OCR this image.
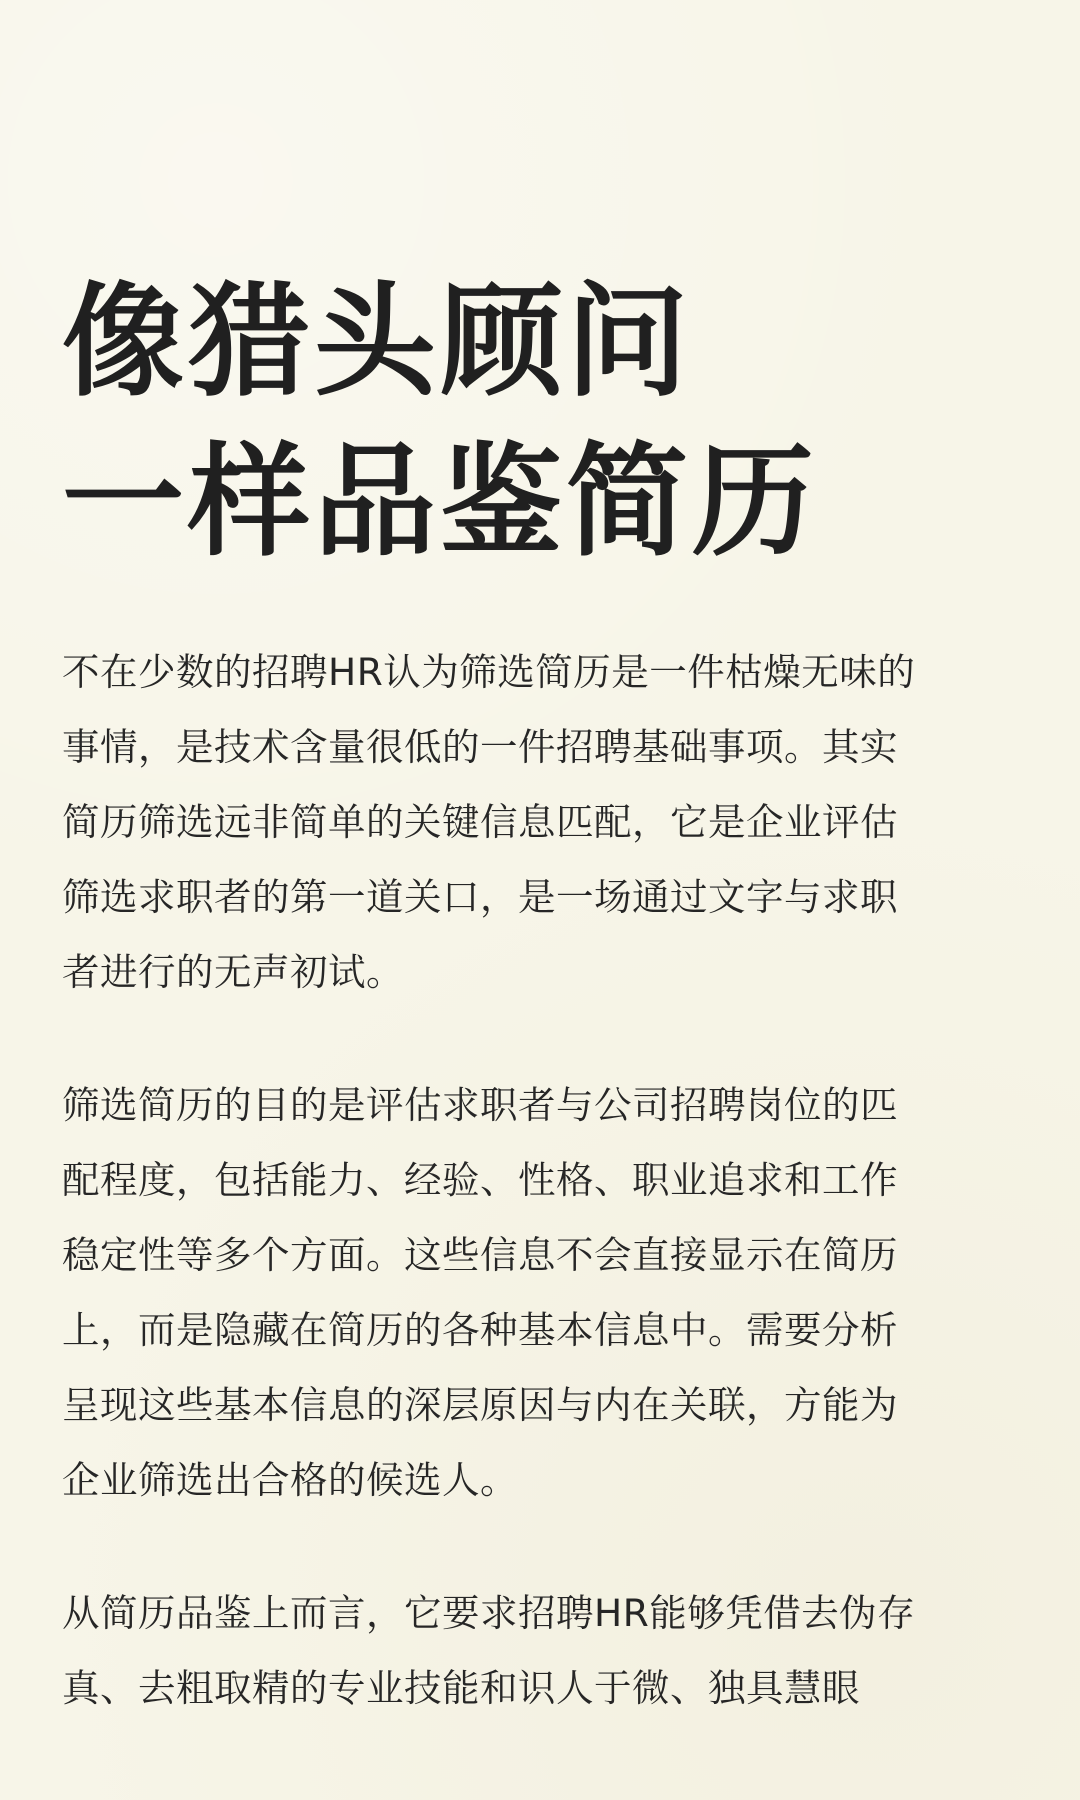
像猎头顾问
一样品鉴简历

不在少数的招聘HR认为筛选简历是一件枯燥无味的
事情，是技术含量很低的一件招聘基础事项。其实
简历筛选远非简单的关键信息匹配，它是企业评估
筛选求职者的第一道关口，是一场通过文字与求职
者进行的无声初试。

筛选简历的目的是评估求职者与公司招聘岗位的匹
配程度，包括能力、经验、性格、职业追求和工作
稳定性等多个方面。这些信息不会直接显示在简历
上，而是隐藏在简历的各种基本信息中。需要分析
呈现这些基本信息的深层原因与内在关联，方能为
企业筛选出合格的候选人。

从简历品鉴上而言，它要求招聘HR能够凭借去伪存
真、去粗取精的专业技能和识人于微、独具慧眼
